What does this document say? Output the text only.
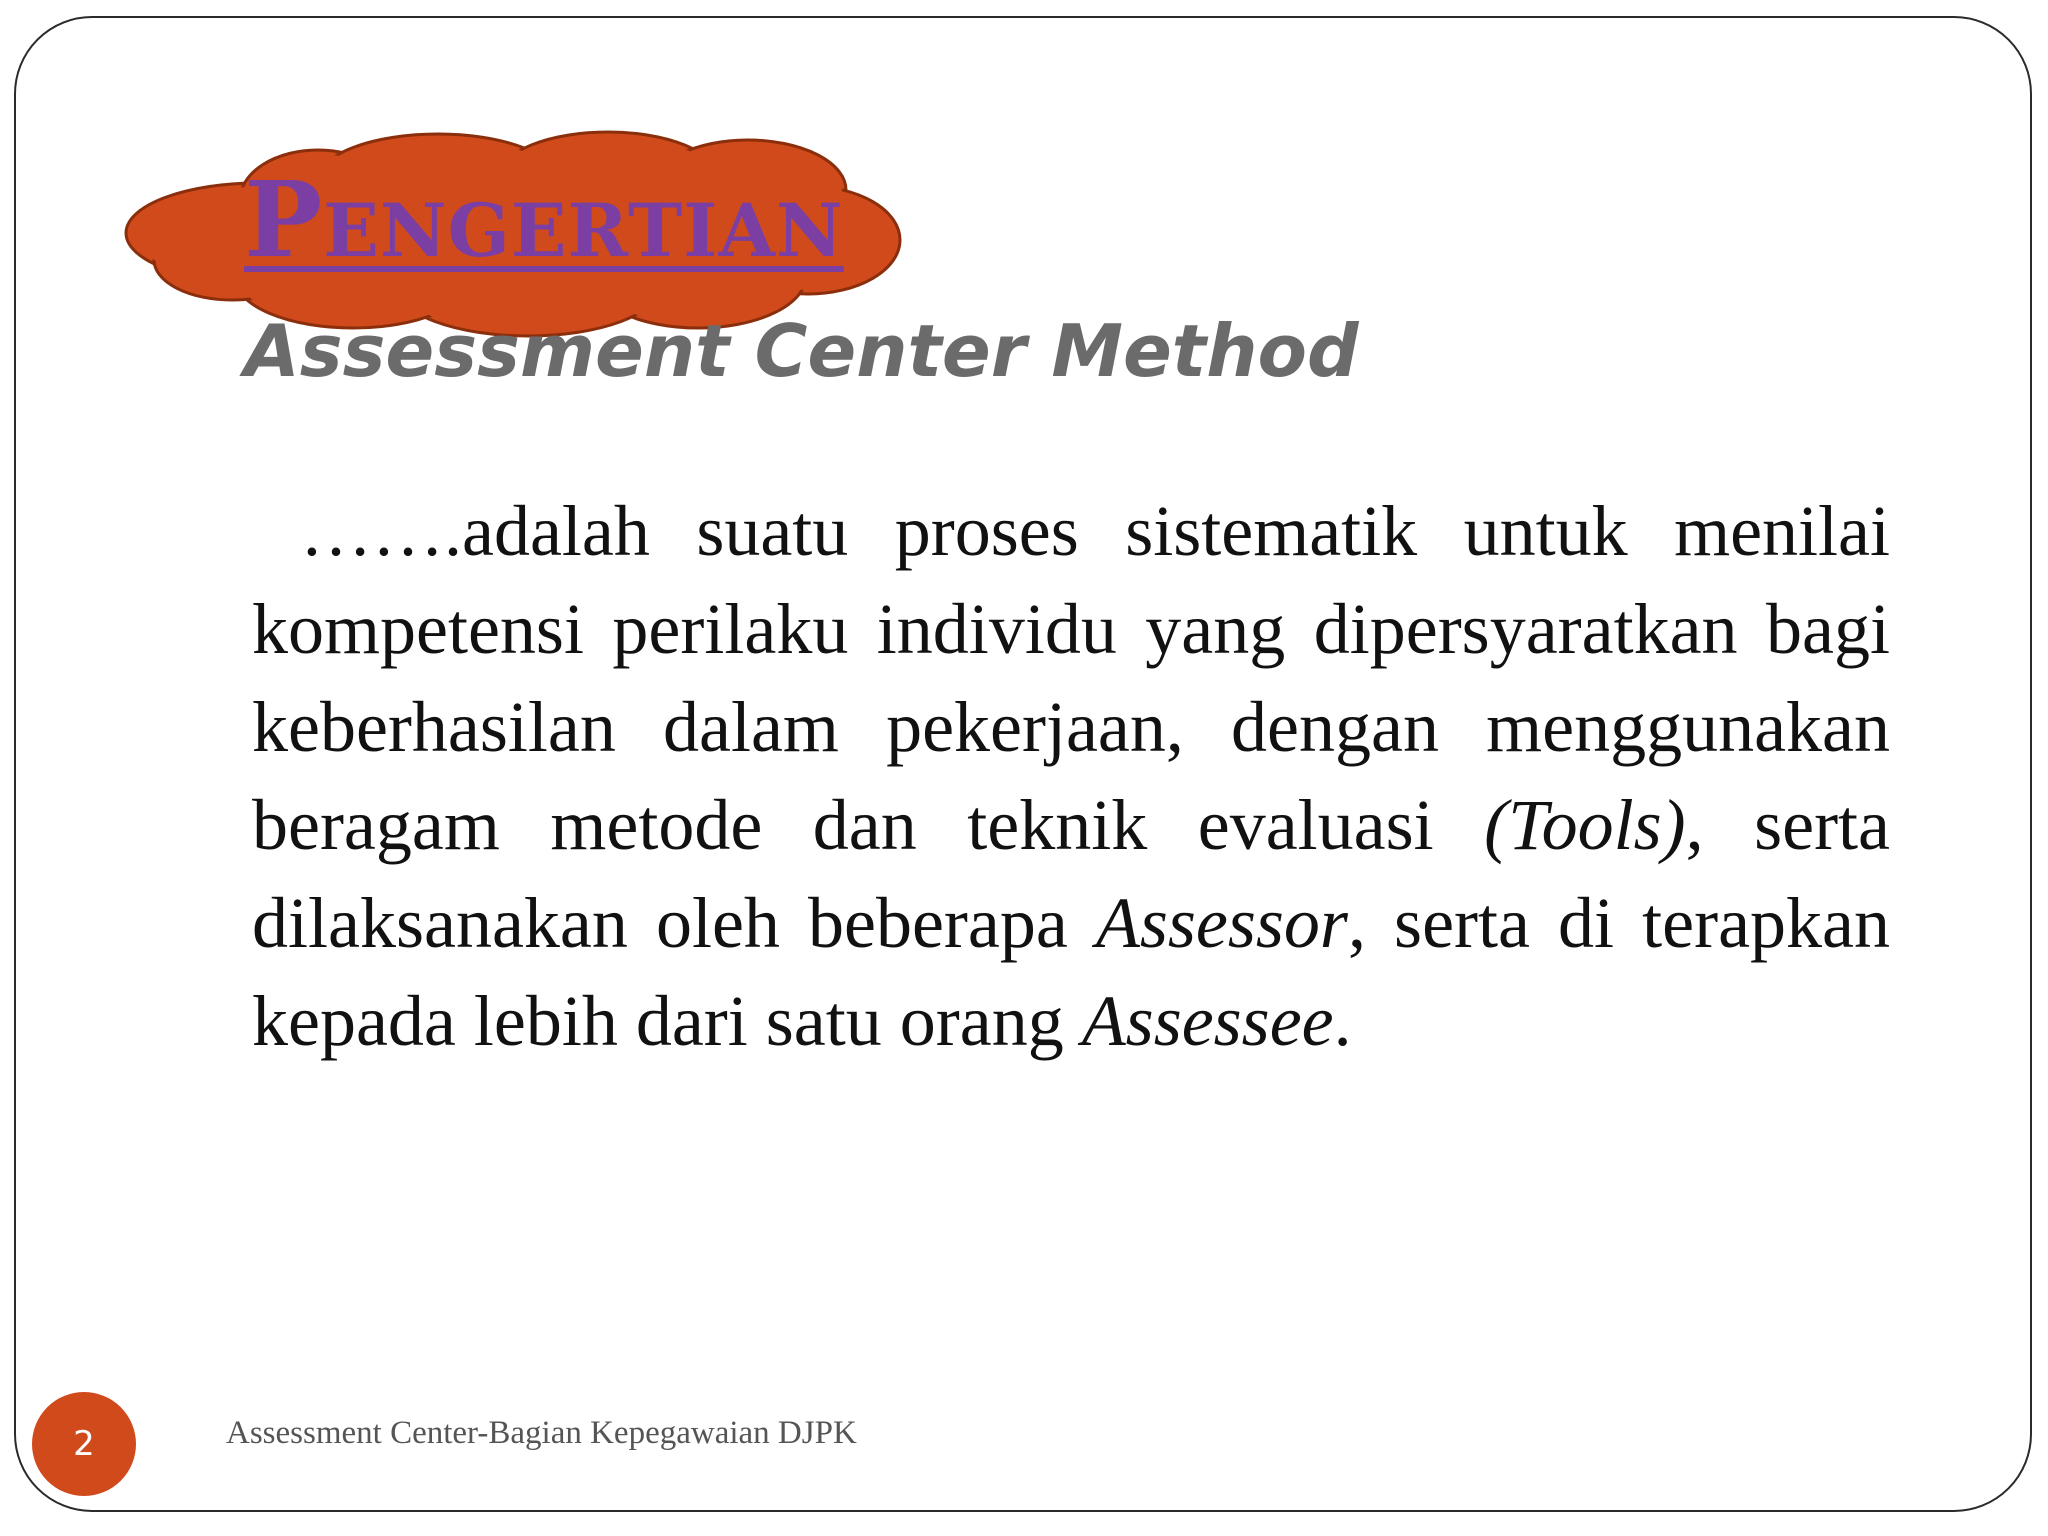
Pengertian
Assessment Center Method

…….adalah suatu proses sistematik untuk menilai kompetensi perilaku individu yang dipersyaratkan bagi keberhasilan dalam pekerjaan, dengan menggunakan beragam metode dan teknik evaluasi (Tools), serta dilaksanakan oleh beberapa Assessor, serta di terapkan kepada lebih dari satu orang Assessee.

2	Assessment Center-Bagian Kepegawaian DJPK
